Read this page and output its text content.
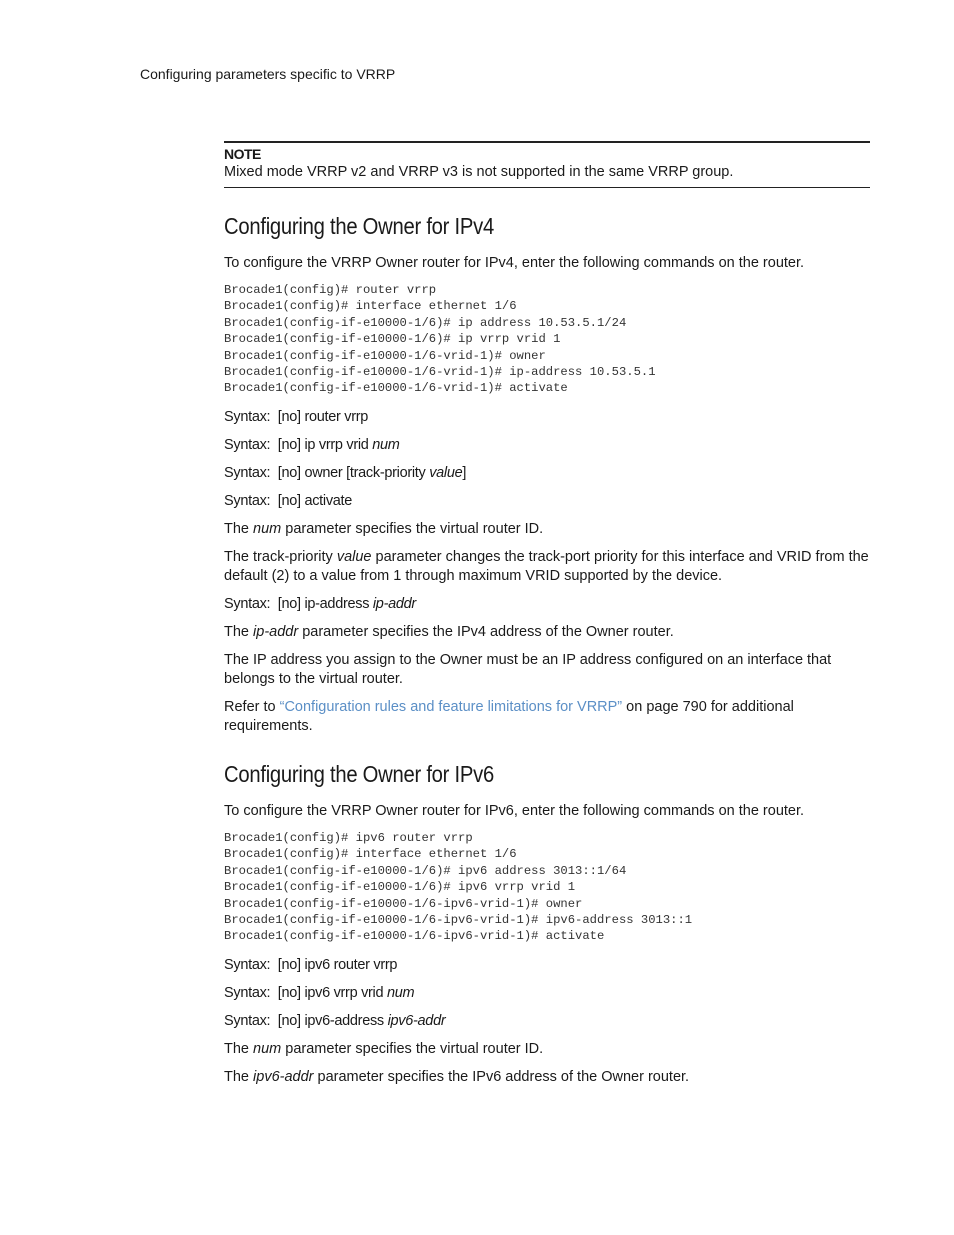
Configuring parameters specific to VRRP
NOTE
Mixed mode VRRP v2 and VRRP v3 is not supported in the same VRRP group.
Configuring the Owner for IPv4

To configure the VRRP Owner router for IPv4, enter the following commands on the router.

Brocade1(config)# router vrrp
Brocade1(config)# interface ethernet 1/6
Brocade1(config-if-e10000-1/6)# ip address 10.53.5.1/24
Brocade1(config-if-e10000-1/6)# ip vrrp vrid 1
Brocade1(config-if-e10000-1/6-vrid-1)# owner
Brocade1(config-if-e10000-1/6-vrid-1)# ip-address 10.53.5.1
Brocade1(config-if-e10000-1/6-vrid-1)# activate
Syntax: [no] router vrrp
Syntax: [no] ip vrrp vrid num
Syntax: [no] owner [track-priority value]
Syntax: [no] activate

The num parameter specifies the virtual router ID.

The track-priority value parameter changes the track-port priority for this interface and VRID from the default (2) to a value from 1 through maximum VRID supported by the device.

Syntax: [no] ip-address ip-addr

The ip-addr parameter specifies the IPv4 address of the Owner router.

The IP address you assign to the Owner must be an IP address configured on an interface that belongs to the virtual router.

Refer to “Configuration rules and feature limitations for VRRP” on page 790 for additional requirements.

Configuring the Owner for IPv6

To configure the VRRP Owner router for IPv6, enter the following commands on the router.

Brocade1(config)# ipv6 router vrrp
Brocade1(config)# interface ethernet 1/6
Brocade1(config-if-e10000-1/6)# ipv6 address 3013::1/64
Brocade1(config-if-e10000-1/6)# ipv6 vrrp vrid 1
Brocade1(config-if-e10000-1/6-ipv6-vrid-1)# owner
Brocade1(config-if-e10000-1/6-ipv6-vrid-1)# ipv6-address 3013::1
Brocade1(config-if-e10000-1/6-ipv6-vrid-1)# activate
Syntax: [no] ipv6 router vrrp
Syntax: [no] ipv6 vrrp vrid num
Syntax: [no] ipv6-address ipv6-addr

The num parameter specifies the virtual router ID.

The ipv6-addr parameter specifies the IPv6 address of the Owner router.
